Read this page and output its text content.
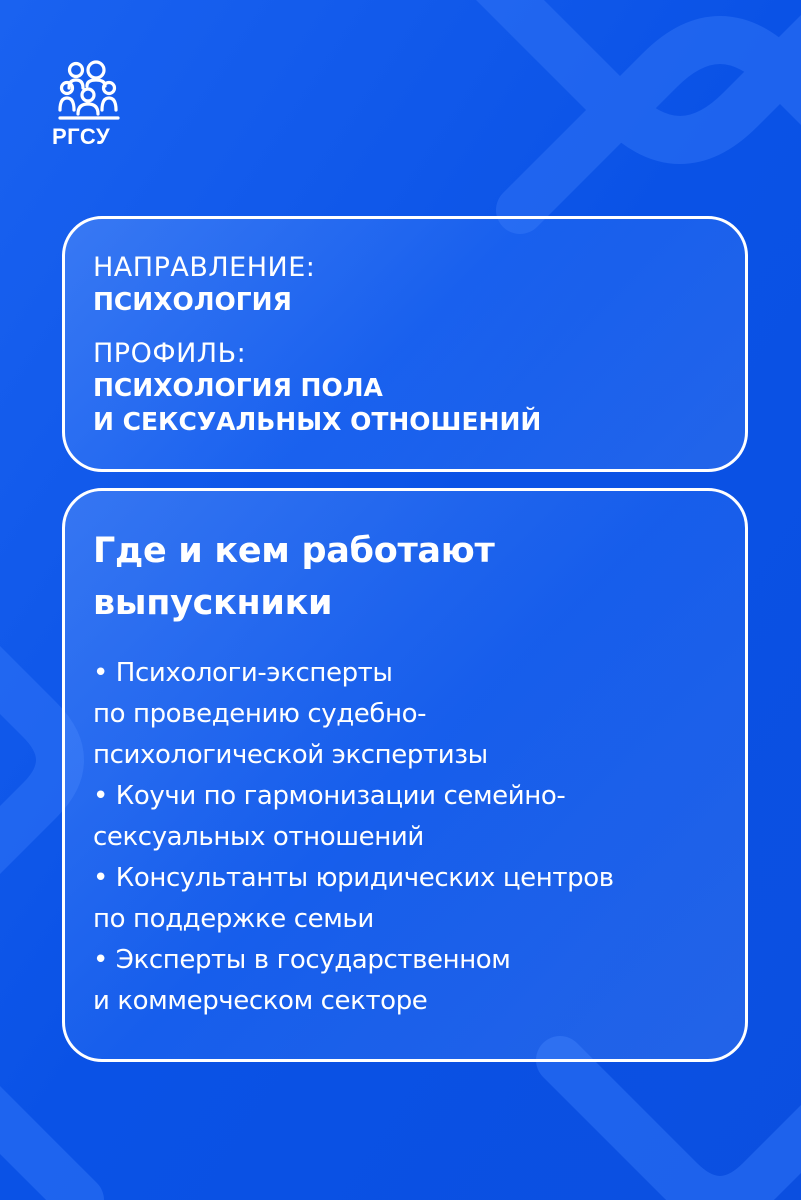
РГСУ
НАПРАВЛЕНИЕ:
ПСИХОЛОГИЯ
ПРОФИЛЬ:
ПСИХОЛОГИЯ ПОЛА
И СЕКСУАЛЬНЫХ ОТНОШЕНИЙ
Где и кем работают
выпускники
• Психологи-эксперты
по проведению судебно-
психологической экспертизы
• Коучи по гармонизации семейно-
сексуальных отношений
• Консультанты юридических центров
по поддержке семьи
• Эксперты в государственном
и коммерческом секторе
